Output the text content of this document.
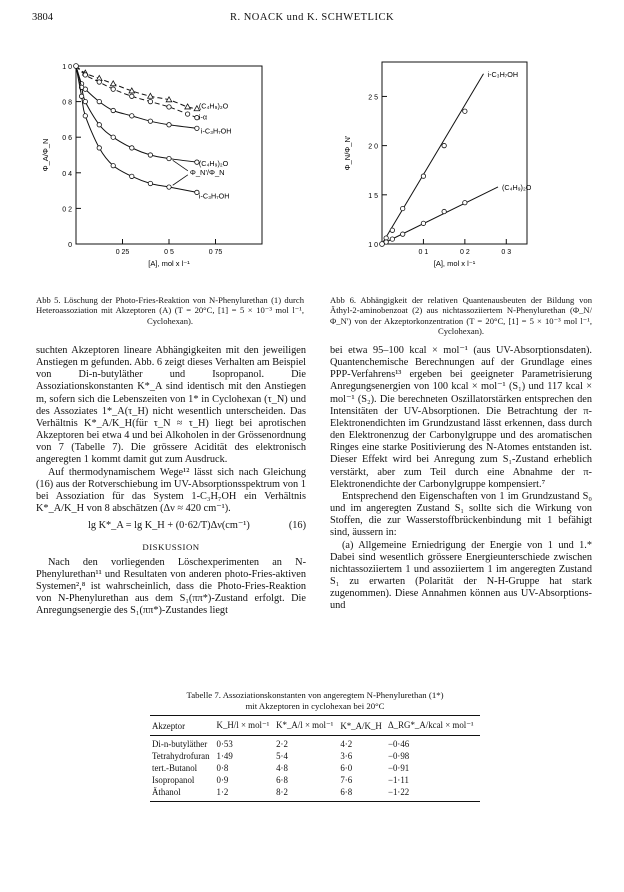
3804	R. NOACK und K. SCHWETLICK
0 2
0 4
0 6
0 8
1 0
0 25	0 5	0 75
0
[A], mol x l⁻¹
Φ_A/Φ_N
(C₄H₉)₂O
i-α
i-C₃H₇OH
(C₄H₉)₂O
i-C₃H₇OH
Φ_N'/Φ_N
1 0
1 5
2 0
2 5
0 1	0 2	0 3
[A], mol x l⁻¹
Φ_N/Φ_N'
i-C₃H₇OH
(C₄H₉)₂O
Abb 5. Löschung der Photo-Fries-Reaktion von N-Phenylurethan (1) durch Heteroassoziation mit Akzeptoren (A) (T = 20°C, [1] = 5 × 10⁻³ mol l⁻¹, Cyclohexan).
Abb 6. Abhängigkeit der relativen Quantenausbeuten der Bildung von Äthyl-2-aminobenzoat (2) aus nichtassoziiertem N-Phenylurethan (Φ_N/Φ_N') von der Akzeptorkonzentration (T = 20°C, [1] = 5 × 10⁻³ mol l⁻¹, Cyclohexan).

suchten Akzeptoren lineare Abhängigkeiten mit den jeweiligen Anstiegen m gefunden. Abb. 6 zeigt dieses Verhalten am Beispiel von Di-n-butyläther und Isopropanol. Die Assoziationskonstanten K*_A sind identisch mit den Anstiegen m, sofern sich die Lebenszeiten von 1* in Cyclohexan (τ_N) und des Assoziates 1*_A(τ_H) nicht wesentlich unterscheiden. Das Verhältnis K*_A/K_H(für τ_N ≈ τ_H) liegt bei aprotischen Akzeptoren bei etwa 4 und bei Alkoholen in der Grössenordnung von 7 (Tabelle 7). Die grössere Acidität des elektronisch angeregten 1 kommt damit gut zum Ausdruck.

Auf thermodynamischem Wege¹² lässt sich nach Gleichung (16) aus der Rotverschiebung im UV-Absorptionsspektrum von 1 bei Assoziation für das System 1-C₃H₇OH ein Verhältnis K*_A/K_H von 8 abschätzen (Δν ≈ 420 cm⁻¹).

lg K*_A = lg K_H + (0·62/T)Δν(cm⁻¹)	(16)
DISKUSSION

Nach den vorliegenden Löschexperimenten an N-Phenylurethan¹¹ und Resultaten von anderen photo-Fries-aktiven Systemen²,⁸ ist wahrscheinlich, dass die Photo-Fries-Reaktion von N-Phenylurethan aus dem S₁(ππ*)-Zustand erfolgt. Die Anregungsenergie des S₁(ππ*)-Zustandes liegt

bei etwa 95–100 kcal × mol⁻¹ (aus UV-Absorptionsdaten). Quantenchemische Berechnungen auf der Grundlage eines PPP-Verfahrens¹³ ergeben bei geeigneter Parametrisierung Anregungsenergien von 100 kcal × mol⁻¹ (S₁) und 117 kcal × mol⁻¹ (S₂). Die berechneten Oszillatorstärken entsprechen den Intensitäten der UV-Absorptionen. Die Betrachtung der π-Elektronendichten im Grundzustand lässt erkennen, dass durch den Elektronenzug der Carbonylgruppe und des aromatischen Ringes eine starke Positivierung des N-Atomes entstanden ist. Dieser Effekt wird bei Anregung zum S₁-Zustand erheblich verstärkt, aber zum Teil durch eine Abnahme der π-Elektronendichte der Carbonylgruppe kompensiert.⁷

Entsprechend den Eigenschaften von 1 im Grundzustand S₀ und im angeregten Zustand S₁ sollte sich die Wirkung von Stoffen, die zur Wasserstoffbrückenbindung mit 1 befähigt sind, äussern in:

(a) Allgemeine Erniedrigung der Energie von 1 und 1.* Dabei sind wesentlich grössere Energieunterschiede zwischen nichtassoziiertem 1 und assoziiertem 1 im angeregten Zustand S₁ zu erwarten (Polarität der N-H-Gruppe hat stark zugenommen). Diese Annahmen können aus UV-Absorptions- und

Tabelle 7. Assoziationskonstanten von angeregtem N-Phenylurethan (1*)
mit Akzeptoren in cyclohexan bei 20°C
Akzeptor	K_H/l × mol⁻¹	K*_A/l × mol⁻¹	K*_A/K_H	Δ_RG*_A/kcal × mol⁻¹
Di-n-butyläther	0·53	2·2	4·2	−0·46
Tetrahydrofuran	1·49	5·4	3·6	−0·98
tert.-Butanol	0·8	4·8	6·0	−0·91
Isopropanol	0·9	6·8	7·6	−1·11
Äthanol	1·2	8·2	6·8	−1·22
